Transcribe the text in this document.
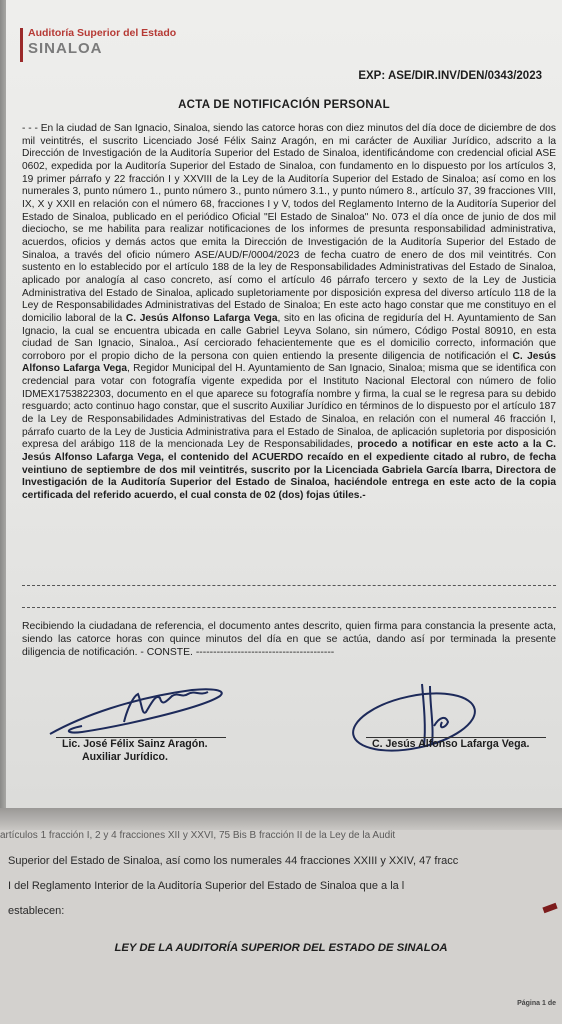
Auditoría Superior del Estado
SINALOA
EXP: ASE/DIR.INV/DEN/0343/2023
ACTA DE NOTIFICACIÓN PERSONAL

- - - En la ciudad de San Ignacio, Sinaloa, siendo las catorce horas con diez minutos del día doce de diciembre de dos mil veintitrés, el suscrito Licenciado José Félix Sainz Aragón, en mi carácter de Auxiliar Jurídico, adscrito a la Dirección de Investigación de la Auditoría Superior del Estado de Sinaloa, identificándome con credencial oficial ASE 0602, expedida por la Auditoría Superior del Estado de Sinaloa, con fundamento en lo dispuesto por los artículos 3, 19 primer párrafo y 22 fracción I y XXVIII de la Ley de la Auditoría Superior del Estado de Sinaloa; así como en los numerales 3, punto número 1., punto número 3., punto número 3.1., y punto número 8., artículo 37, 39 fracciones VIII, IX, X y XXII en relación con el número 68, fracciones I y V, todos del Reglamento Interno de la Auditoría Superior del Estado de Sinaloa, publicado en el periódico Oficial "El Estado de Sinaloa" No. 073 el día once de junio de dos mil dieciocho, se me habilita para realizar notificaciones de los informes de presunta responsabilidad administrativa, acuerdos, oficios y demás actos que emita la Dirección de Investigación de la Auditoría Superior del Estado de Sinaloa, a través del oficio número ASE/AUD/F/0004/2023 de fecha cuatro de enero de dos mil veintitrés. Con sustento en lo establecido por el artículo 188 de la ley de Responsabilidades Administrativas del Estado de Sinaloa, aplicado por analogía al caso concreto, así como el artículo 46 párrafo tercero y sexto de la Ley de Justicia Administrativa del Estado de Sinaloa, aplicado supletoriamente por disposición expresa del diverso artículo 118 de la Ley de Responsabilidades Administrativas del Estado de Sinaloa; En este acto hago constar que me constituyo en el domicilio laboral de la C. Jesús Alfonso Lafarga Vega, sito en las oficina de regiduría del H. Ayuntamiento de San Ignacio, la cual se encuentra ubicada en calle Gabriel Leyva Solano, sin número, Código Postal 80910, en esta ciudad de San Ignacio, Sinaloa., Así cerciorado fehacientemente que es el domicilio correcto, información que corroboro por el propio dicho de la persona con quien entiendo la presente diligencia de notificación el C. Jesús Alfonso Lafarga Vega, Regidor Municipal del H. Ayuntamiento de San Ignacio, Sinaloa; misma que se identifica con credencial para votar con fotografía vigente expedida por el Instituto Nacional Electoral con número de folio IDMEX1753822303, documento en el que aparece su fotografía nombre y firma, la cual se le regresa para su debido resguardo; acto continuo hago constar, que el suscrito Auxiliar Jurídico en términos de lo dispuesto por el artículo 187 de la Ley de Responsabilidades Administrativas del Estado de Sinaloa, en relación con el numeral 46 fracción I, párrafo cuarto de la Ley de Justicia Administrativa para el Estado de Sinaloa, de aplicación supletoria por disposición expresa del arábigo 118 de la mencionada Ley de Responsabilidades, procedo a notificar en este acto a la C. Jesús Alfonso Lafarga Vega, el contenido del ACUERDO recaído en el expediente citado al rubro, de fecha veintiuno de septiembre de dos mil veintitrés, suscrito por la Licenciada Gabriela García Ibarra, Directora de Investigación de la Auditoría Superior del Estado de Sinaloa, haciéndole entrega en este acto de la copia certificada del referido acuerdo, el cual consta de 02 (dos) fojas útiles.-

Recibiendo la ciudadana de referencia, el documento antes descrito, quien firma para constancia la presente acta, siendo las catorce horas con quince minutos del día en que se actúa, dando así por terminada la presente diligencia de notificación. - CONSTE. ----------------------------------------
Lic. José Félix Sainz Aragón.
Auxiliar Jurídico.
C. Jesús Alfonso Lafarga Vega.
artículos 1 fracción I, 2 y 4 fracciones XII y XXVI, 75 Bis B fracción II de la Ley de la Audit
Superior del Estado de Sinaloa, así como los numerales 44 fracciones XXIII y XXIV, 47 fracc
I del Reglamento Interior de la Auditoría Superior del Estado de Sinaloa que a la l
establecen:
LEY DE LA AUDITORÍA SUPERIOR DEL ESTADO DE SINALOA
Página 1 de
